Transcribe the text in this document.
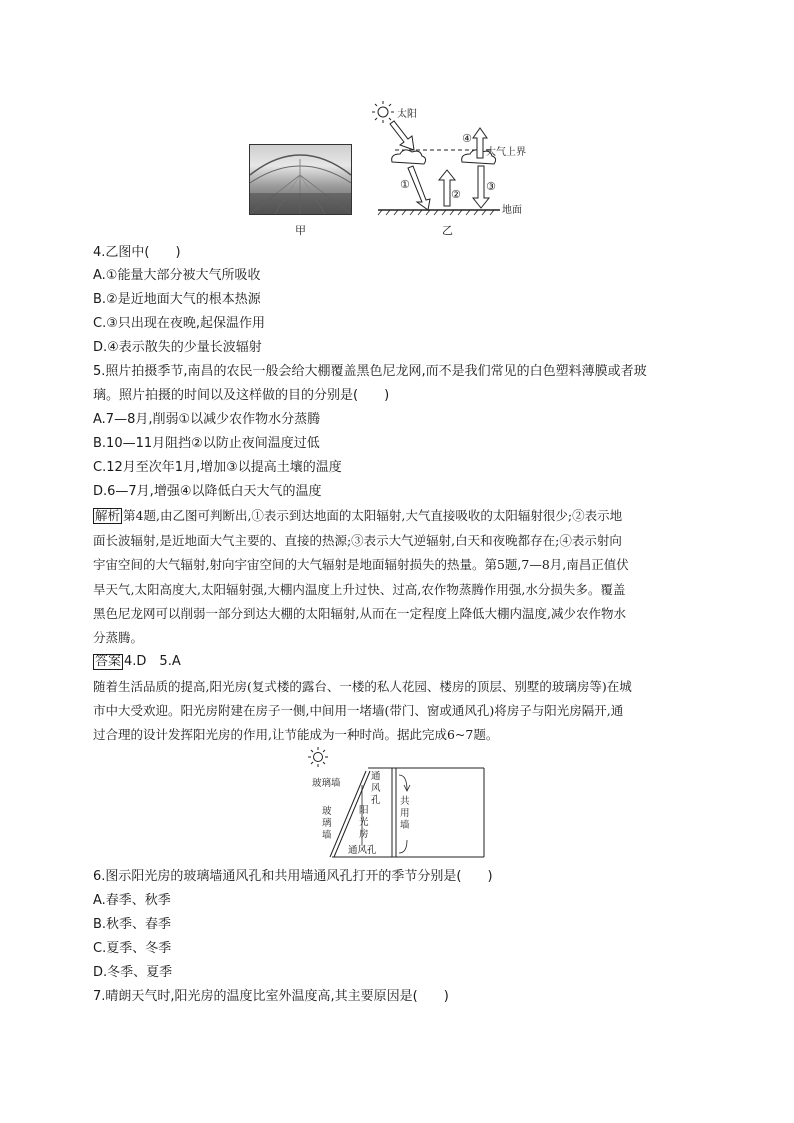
甲
太阳
大气上界
地面
①
②
③
④
乙
4.乙图中(　　)
A.①能量大部分被大气所吸收
B.②是近地面大气的根本热源
C.③只出现在夜晚,起保温作用
D.④表示散失的少量长波辐射
5.照片拍摄季节,南昌的农民一般会给大棚覆盖黑色尼龙网,而不是我们常见的白色塑料薄膜或者玻
璃。照片拍摄的时间以及这样做的目的分别是(　　)
A.7—8月,削弱①以减少农作物水分蒸腾
B.10—11月阻挡②以防止夜间温度过低
C.12月至次年1月,增加③以提高土壤的温度
D.6—7月,增强④以降低白天大气的温度
解析 第4题,由乙图可判断出,①表示到达地面的太阳辐射,大气直接吸收的太阳辐射很少;②表示地
面长波辐射,是近地面大气主要的、直接的热源;③表示大气逆辐射,白天和夜晚都存在;④表示射向
宇宙空间的大气辐射,射向宇宙空间的大气辐射是地面辐射损失的热量。第5题,7—8月,南昌正值伏
旱天气,太阳高度大,太阳辐射强,大棚内温度上升过快、过高,农作物蒸腾作用强,水分损失多。覆盖
黑色尼龙网可以削弱一部分到达大棚的太阳辐射,从而在一定程度上降低大棚内温度,减少农作物水
分蒸腾。
答案 4.D　5.A
随着生活品质的提高,阳光房(复式楼的露台、一楼的私人花园、楼房的顶层、别墅的玻璃房等)在城
市中大受欢迎。阳光房附建在房子一侧,中间用一堵墙(带门、窗或通风孔)将房子与阳光房隔开,通
过合理的设计发挥阳光房的作用,让节能成为一种时尚。据此完成6~7题。
玻璃墙
玻
璃
墙
通
风
孔
阳
光
房
共
用
墙
通风孔
6.图示阳光房的玻璃墙通风孔和共用墙通风孔打开的季节分别是(　　)
A.春季、秋季
B.秋季、春季
C.夏季、冬季
D.冬季、夏季
7.晴朗天气时,阳光房的温度比室外温度高,其主要原因是(　　)
